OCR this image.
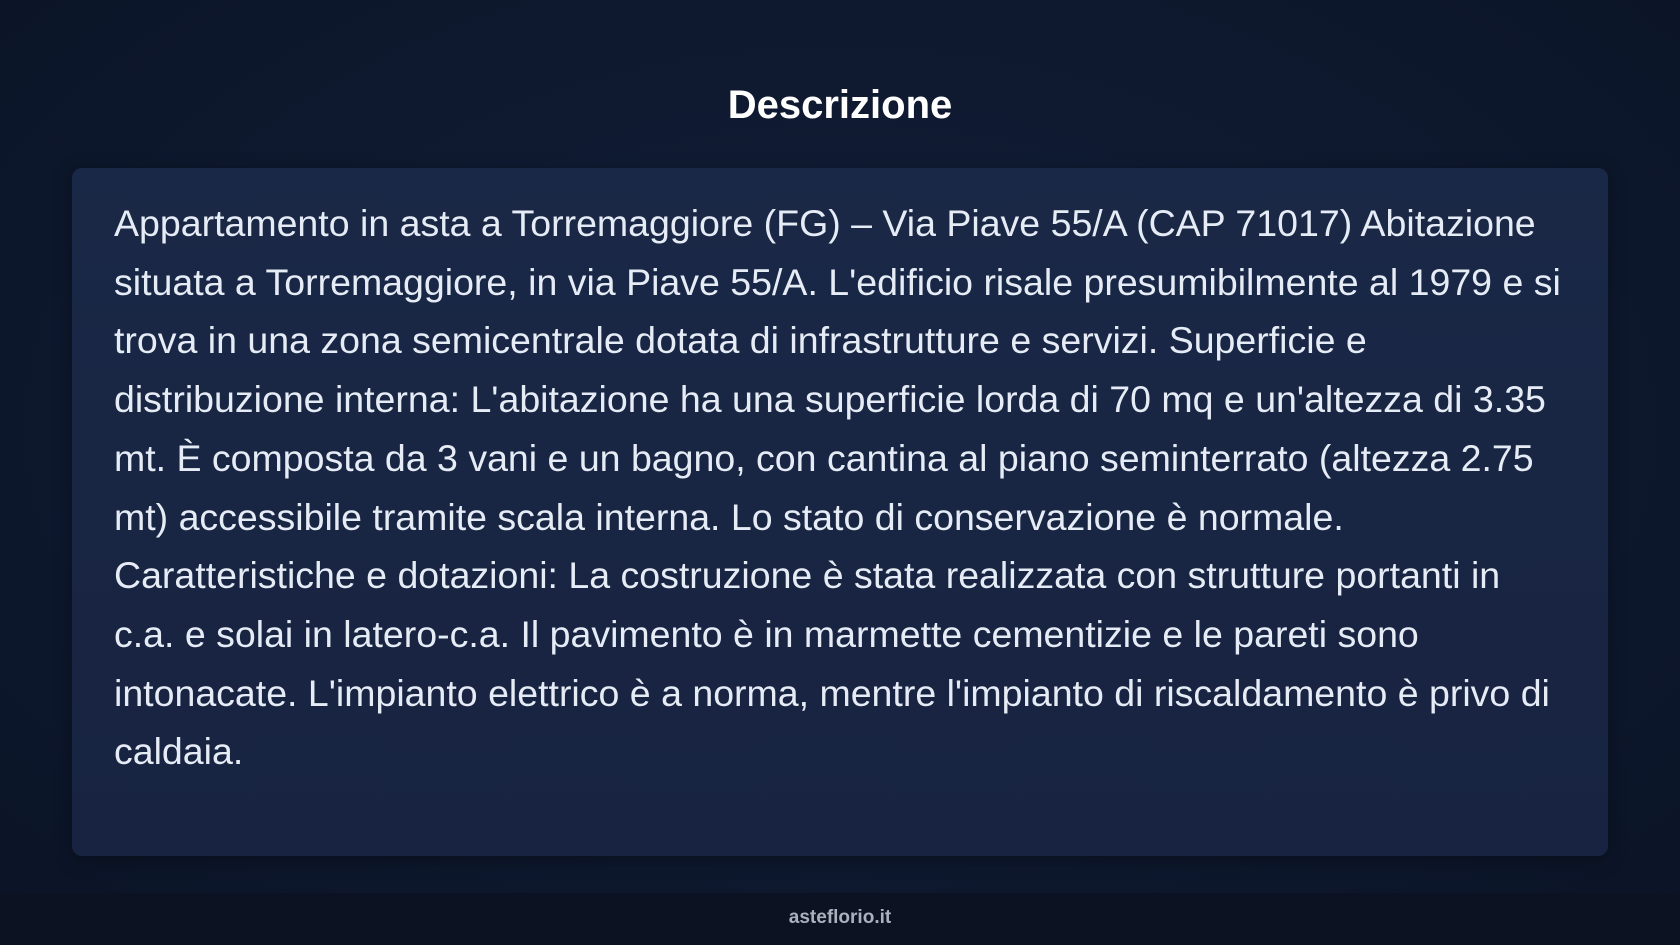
Descrizione

Appartamento in asta a Torremaggiore (FG) – Via Piave 55/A (CAP 71017) Abitazione situata a Torremaggiore, in via Piave 55/A. L'edificio risale presumibilmente al 1979 e si trova in una zona semicentrale dotata di infrastrutture e servizi. Superficie e distribuzione interna: L'abitazione ha una superficie lorda di 70 mq e un'altezza di 3.35 mt. È composta da 3 vani e un bagno, con cantina al piano seminterrato (altezza 2.75 mt) accessibile tramite scala interna. Lo stato di conservazione è normale. Caratteristiche e dotazioni: La costruzione è stata realizzata con strutture portanti in c.a. e solai in latero-c.a. Il pavimento è in marmette cementizie e le pareti sono intonacate. L'impianto elettrico è a norma, mentre l'impianto di riscaldamento è privo di caldaia.

asteflorio.it
